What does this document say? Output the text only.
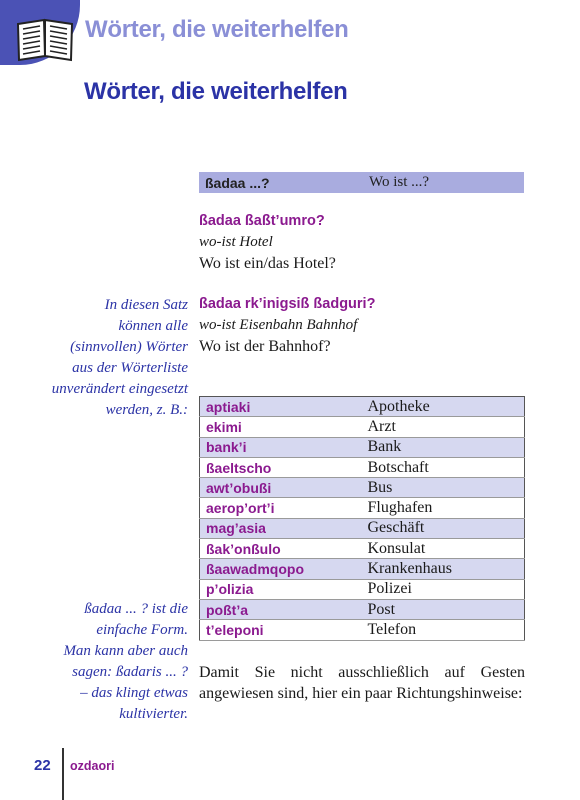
Wörter, die weiterhelfen
Wörter, die weiterhelfen
ßadaa ...?	Wo ist ...?
ßadaa ßaßt’umro?
wo-ist Hotel
Wo ist ein/das Hotel?
ßadaa rk’inigsiß ßadguri?
wo-ist Eisenbahn Bahnhof
Wo ist der Bahnhof?
In diesen Satz
können alle
(sinnvollen) Wörter
aus der Wörterliste
unverändert eingesetzt
werden, z. B.: aptiaki	Apotheke
ekimi	Arzt
bank’i	Bank
ßaeltscho	Botschaft
awt’obußi	Bus
aerop’ort’i	Flughafen
mag’asia	Geschäft
ßak’onßulo	Konsulat
ßaawadmqopo	Krankenhaus
p’olizia	Polizei
poßt’a	Post
t’eleponi	Telefon
ßadaa ... ? ist die
einfache Form.
Man kann aber auch
sagen: ßadaris ... ?
– das klingt etwas
kultivierter.

Damit Sie nicht ausschließlich auf Gesten angewiesen sind, hier ein paar Richtungshinweise:

22 ozdaori
